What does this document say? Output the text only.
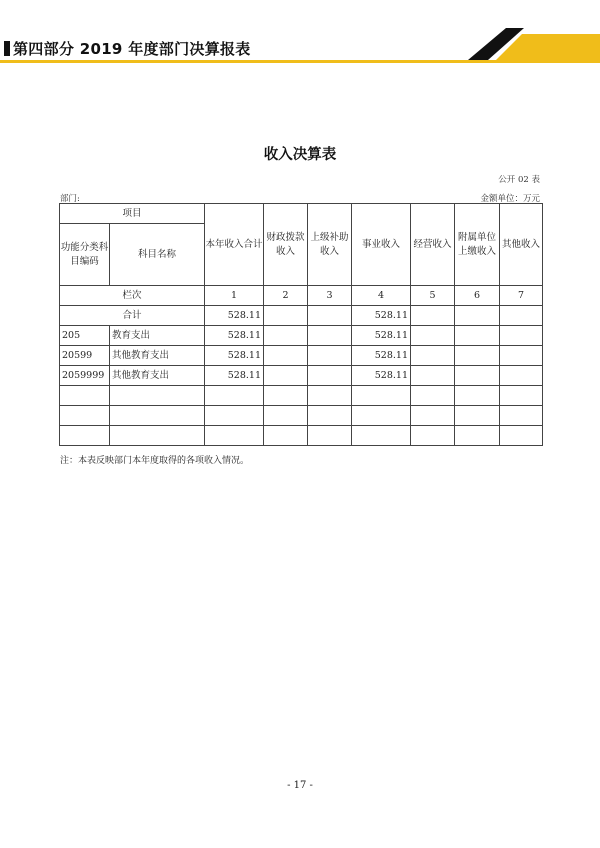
第四部分 2019 年度部门决算报表
收入决算表
公开 02 表
部门:	金额单位：万元
项目		本年收入合计	财政拨款收入	上级补助收入	事业收入	经营收入	附属单位上缴收入	其他收入
功能分类科目编码	科目名称							
栏次		1	2	3	4	5	6	7
合计		528.11			528.11			
205	教育支出	528.11			528.11			
20599	其他教育支出	528.11			528.11			
2059999	其他教育支出	528.11			528.11			

注：本表反映部门本年度取得的各项收入情况。
- 17 -
